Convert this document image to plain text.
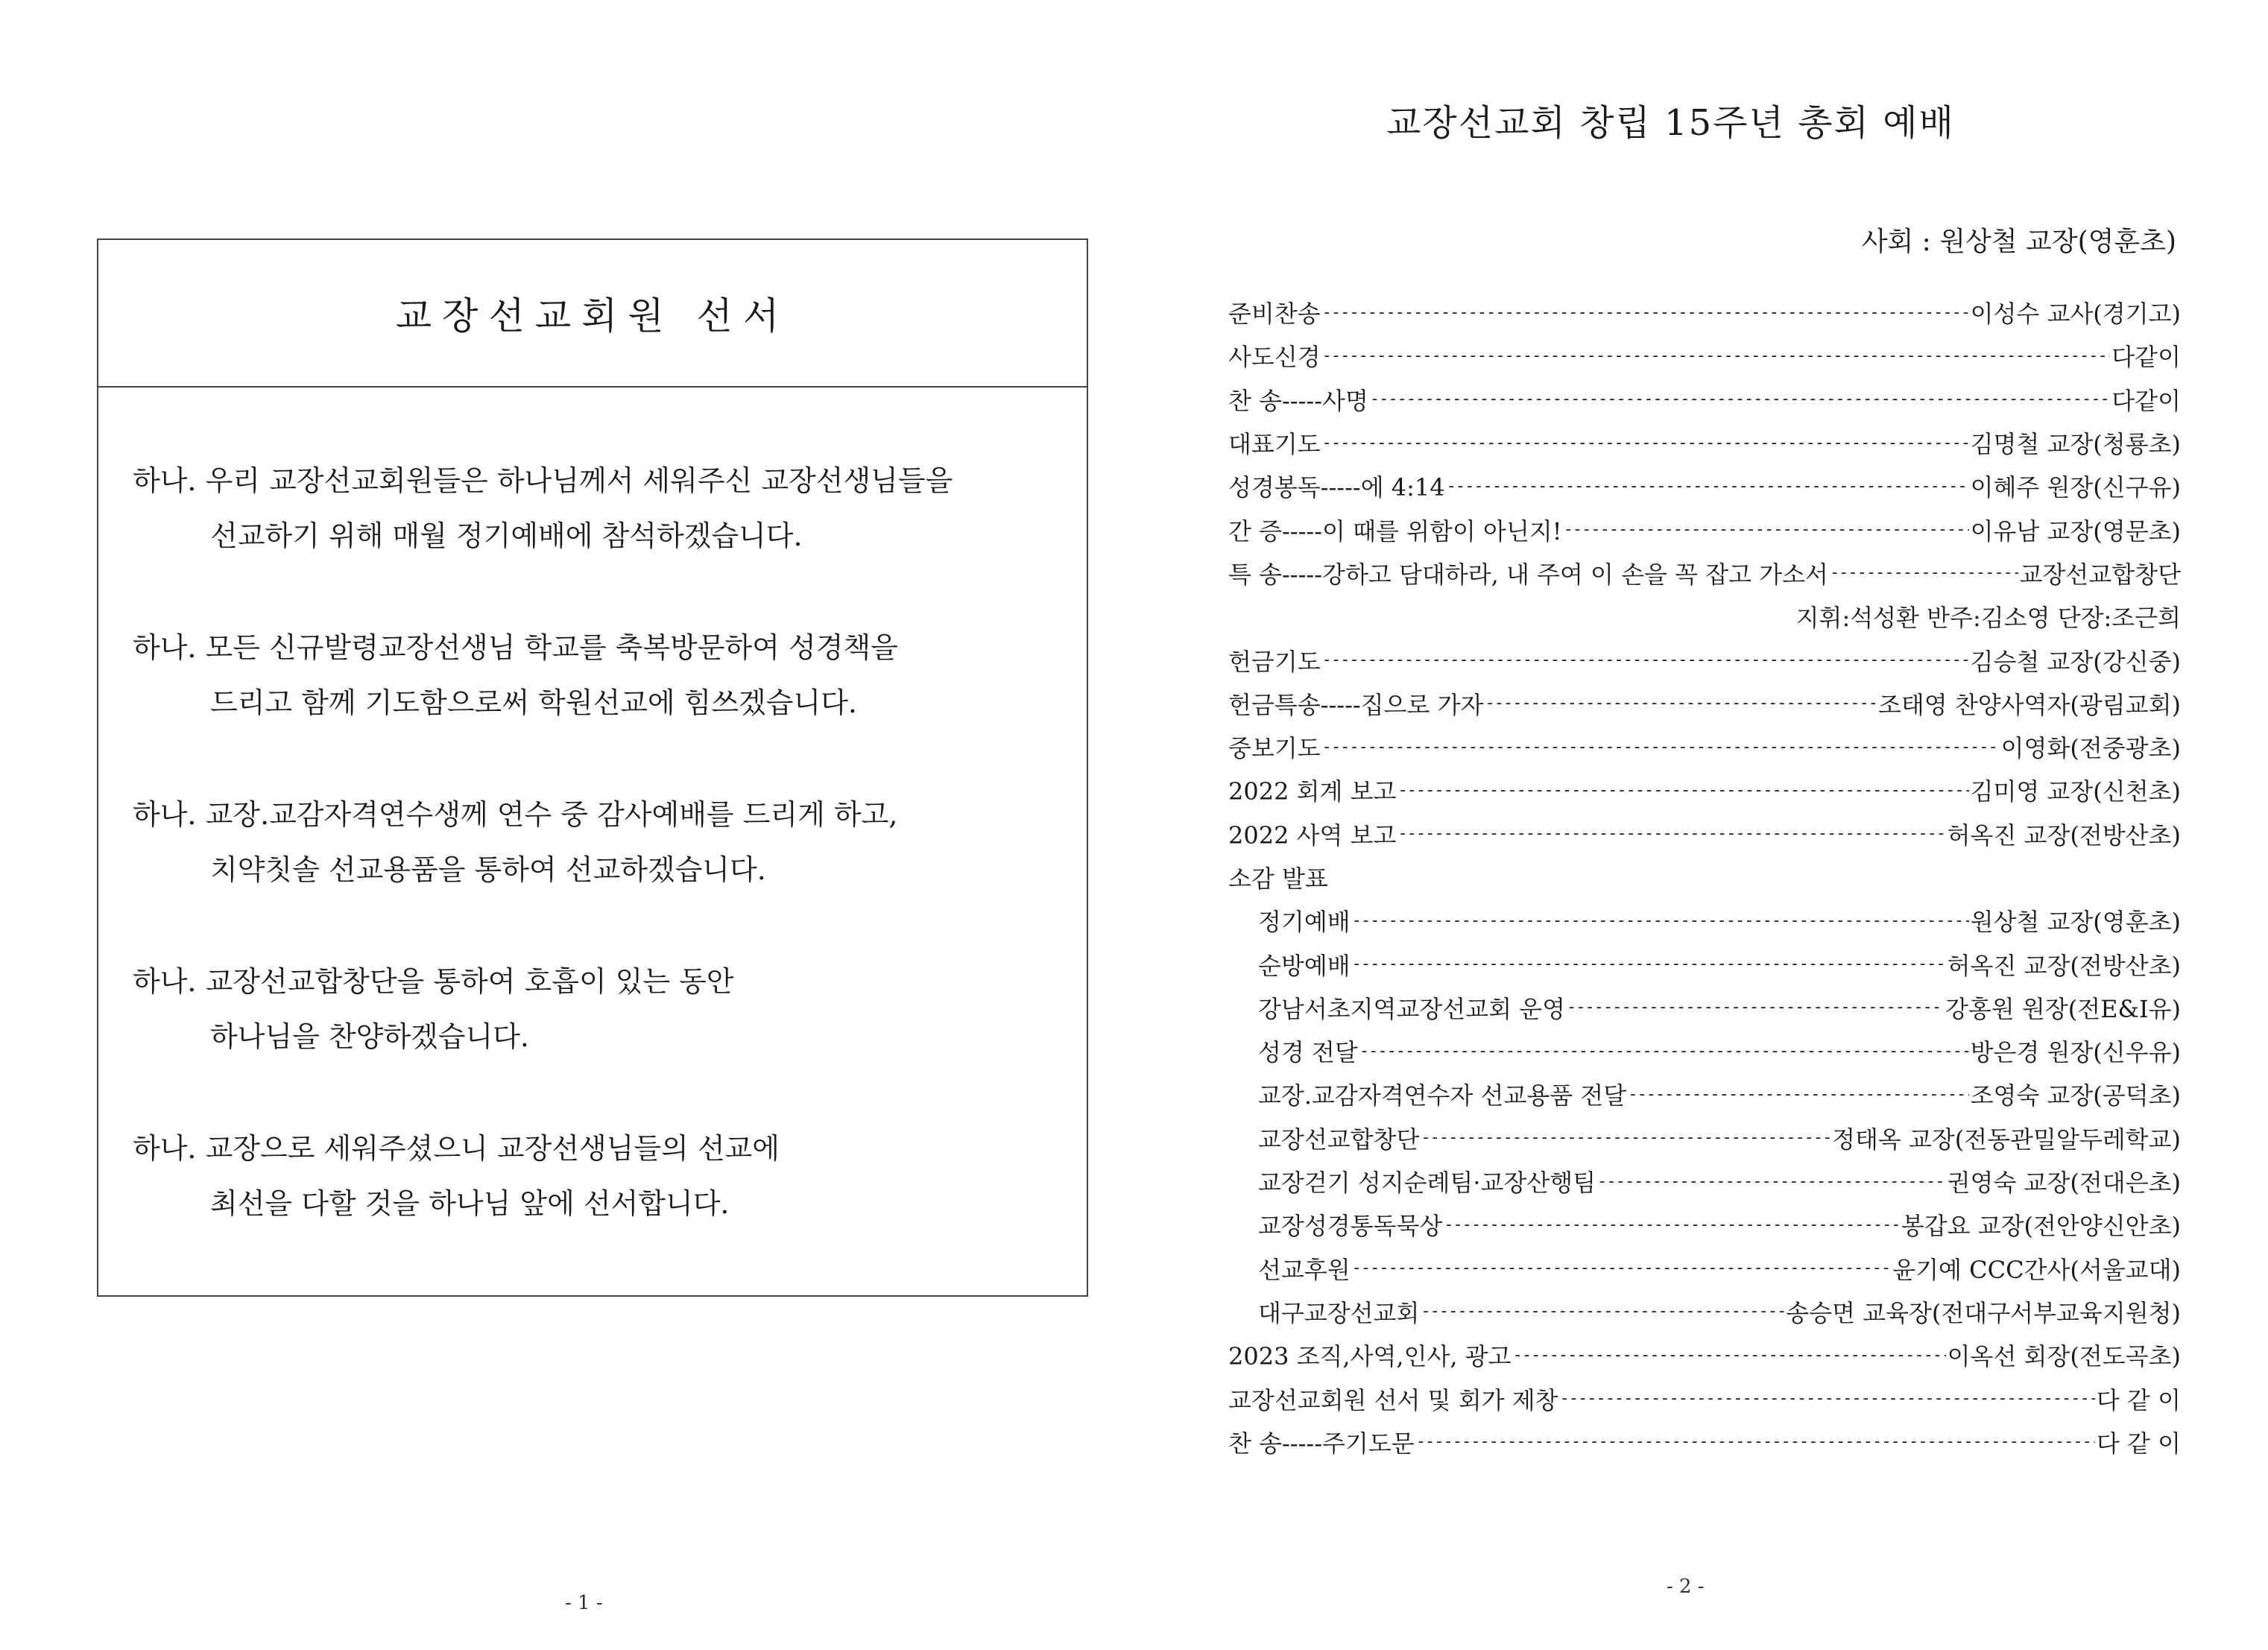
교장선교회원 선서
하나. 우리 교장선교회원들은 하나님께서 세워주신 교장선생님들을
선교하기 위해 매월 정기예배에 참석하겠습니다.
하나. 모든 신규발령교장선생님 학교를 축복방문하여 성경책을
드리고 함께 기도함으로써 학원선교에 힘쓰겠습니다.
하나. 교장.교감자격연수생께 연수 중 감사예배를 드리게 하고,
치약칫솔 선교용품을 통하여 선교하겠습니다.
하나. 교장선교합창단을 통하여 호흡이 있는 동안
하나님을 찬양하겠습니다.
하나. 교장으로 세워주셨으니 교장선생님들의 선교에
최선을 다할 것을 하나님 앞에 선서합니다.
- 1 -
교장선교회 창립 15주년 총회 예배
사회 : 원상철 교장(영훈초)
준비찬송 -----	이성수 교사(경기고)
사도신경 -----	다같이
찬 송-----사명 -----	다같이
대표기도 -----	김명철 교장(청룡초)
성경봉독-----에 4:14 -----	이혜주 원장(신구유)
간 증-----이 때를 위함이 아닌지! -----	이유남 교장(영문초)
특 송-----강하고 담대하라, 내 주여 이 손을 꼭 잡고 가소서 -----	교장선교합창단
지휘:석성환 반주:김소영 단장:조근희
헌금기도 -----	김승철 교장(강신중)
헌금특송-----집으로 가자 -----	조태영 찬양사역자(광림교회)
중보기도 -----	이영화(전중광초)
2022 회계 보고 -----	김미영 교장(신천초)
2022 사역 보고 -----	허옥진 교장(전방산초)
소감 발표
정기예배 -----	원상철 교장(영훈초)
순방예배 -----	허옥진 교장(전방산초)
강남서초지역교장선교회 운영 -----	강홍원 원장(전E&I유)
성경 전달 -----	방은경 원장(신우유)
교장.교감자격연수자 선교용품 전달 -----	조영숙 교장(공덕초)
교장선교합창단 -----	정태옥 교장(전동관밀알두레학교)
교장걷기 성지순례팀·교장산행팀 -----	권영숙 교장(전대은초)
교장성경통독묵상 -----	봉갑요 교장(전안양신안초)
선교후원 -----	윤기예 CCC간사(서울교대)
대구교장선교회 -----	송승면 교육장(전대구서부교육지원청)
2023 조직,사역,인사, 광고 -----	이옥선 회장(전도곡초)
교장선교회원 선서 및 회가 제창 -----	다 같 이
찬 송-----주기도문 -----	다 같 이
- 2 -
